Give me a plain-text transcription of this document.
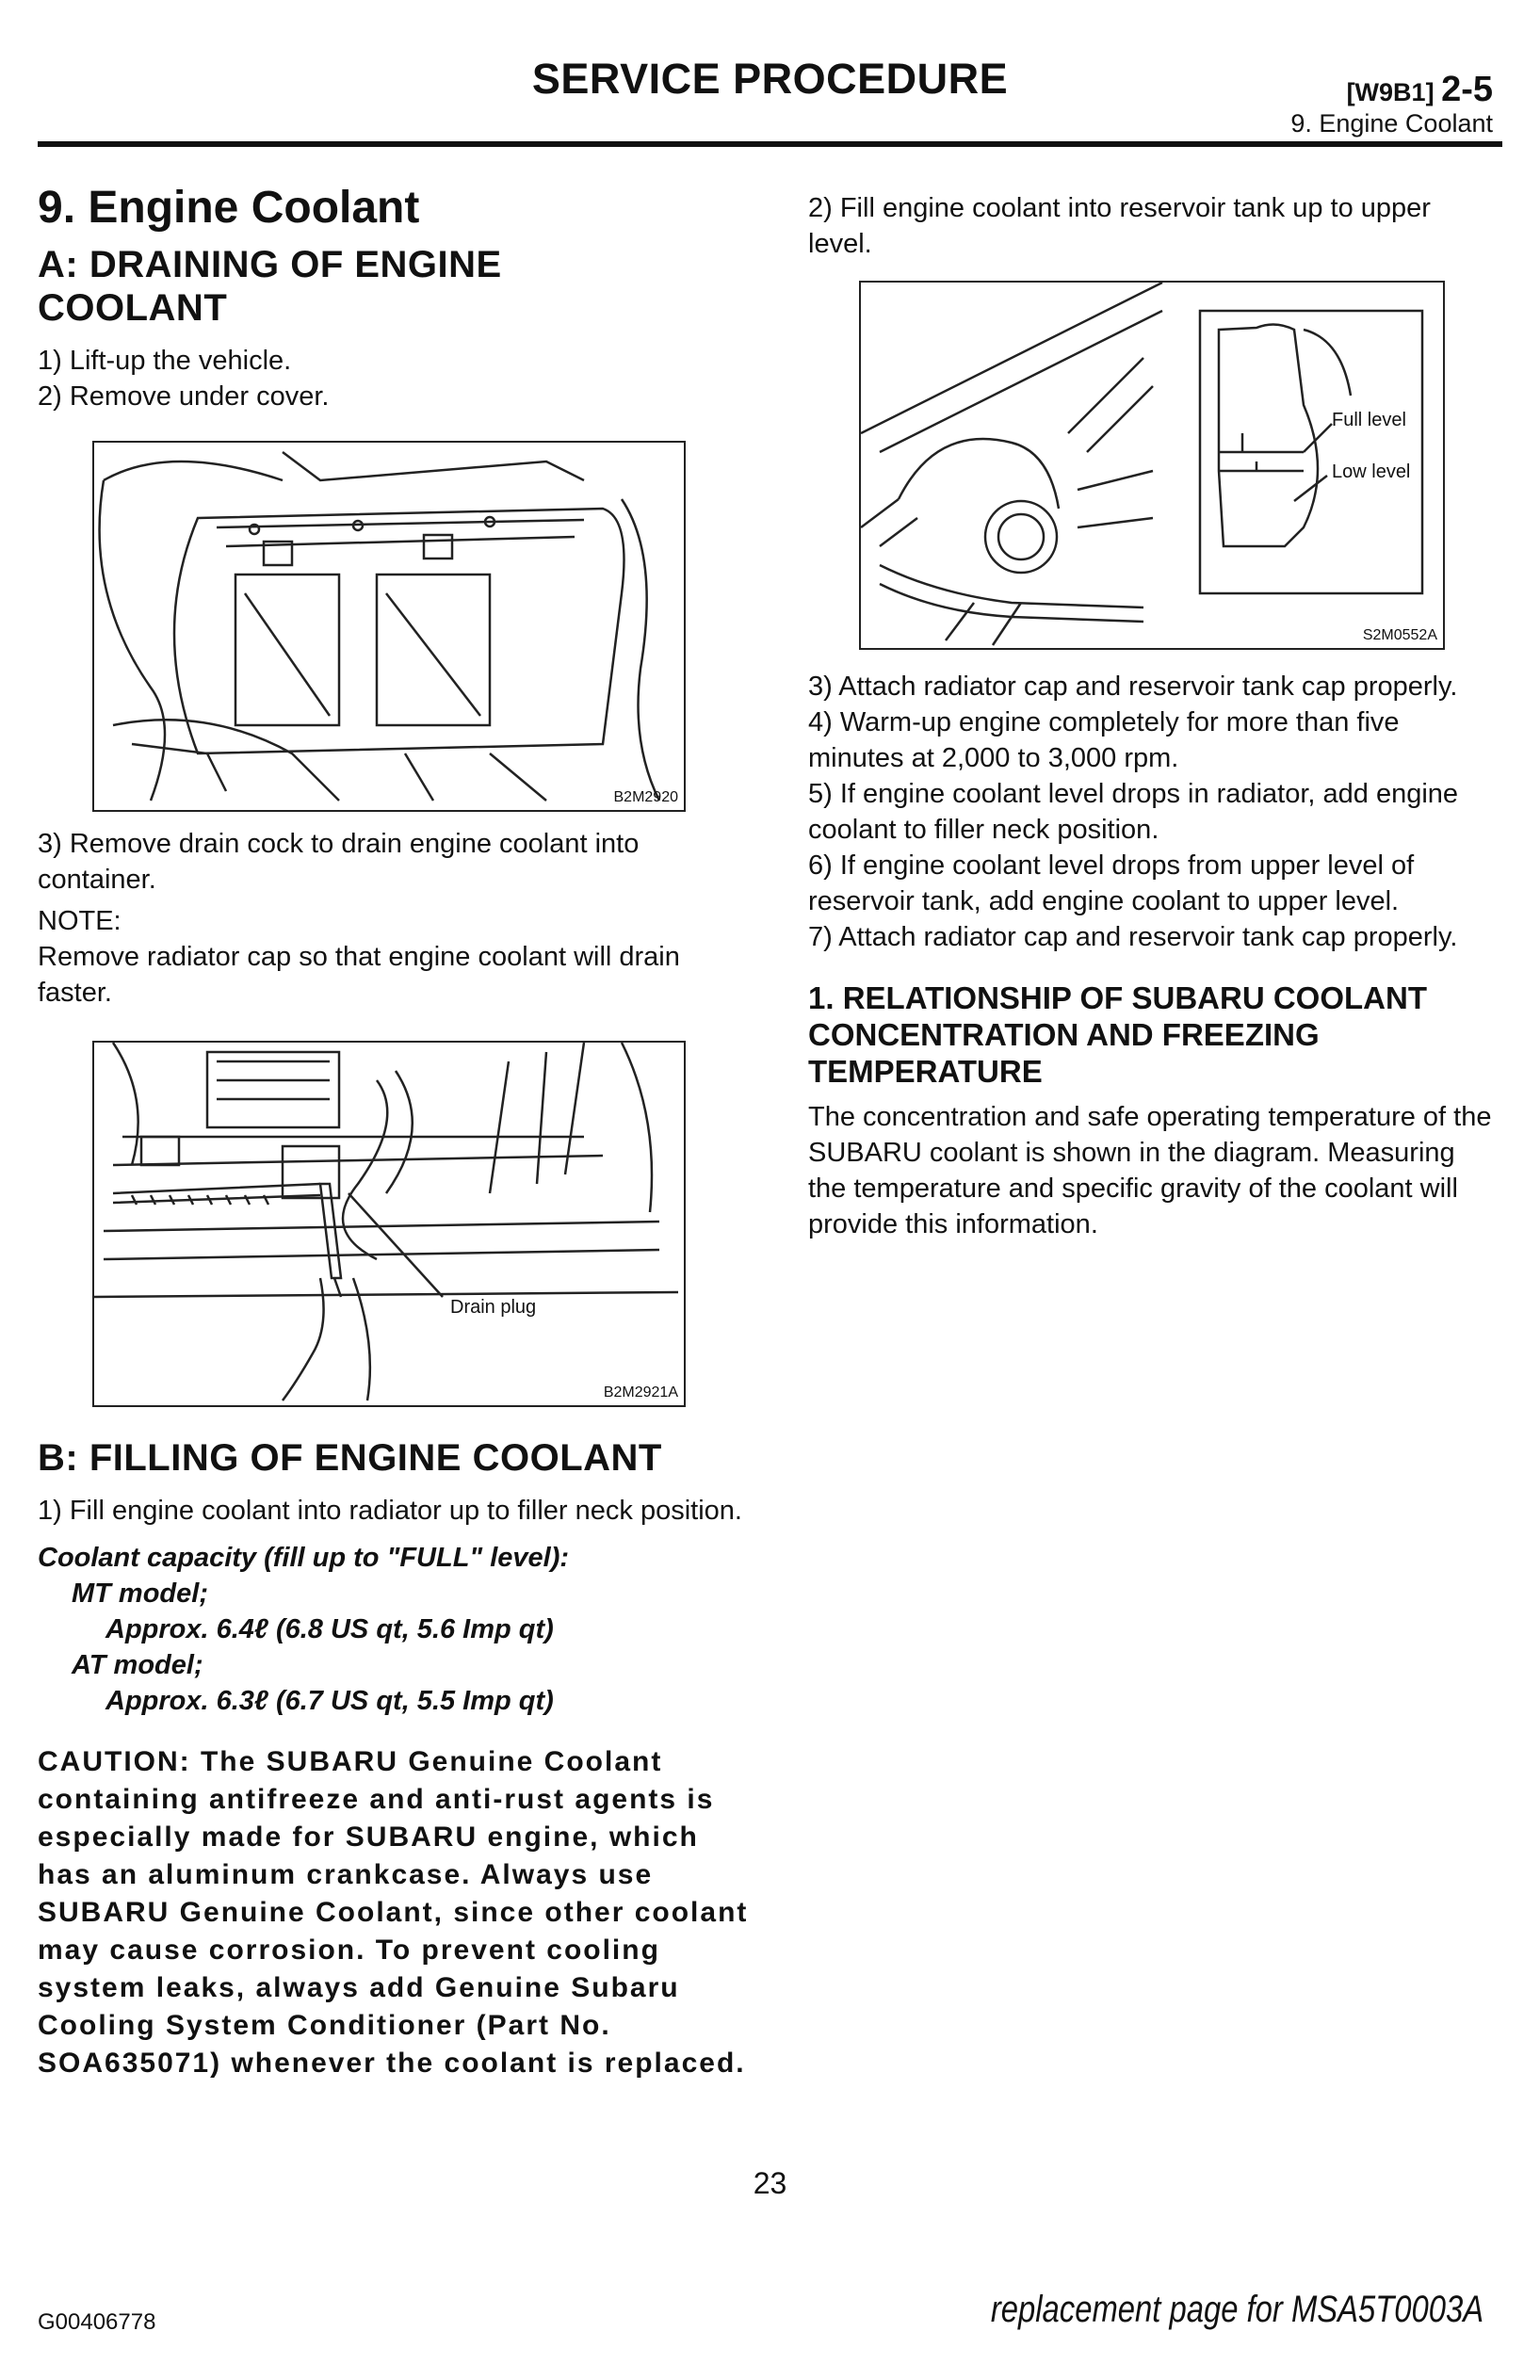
SERVICE PROCEDURE	[W9B1] 2-5
9. Engine Coolant

9. Engine Coolant

A: DRAINING OF ENGINE COOLANT

1) Lift-up the vehicle.

2) Remove under cover.

B2M2920

3) Remove drain cock to drain engine coolant into container.

NOTE:

Remove radiator cap so that engine coolant will drain faster.

Drain plug
B2M2921A

B: FILLING OF ENGINE COOLANT

1) Fill engine coolant into radiator up to filler neck position.

Coolant capacity (fill up to "FULL" level):

MT model;

Approx. 6.4ℓ (6.8 US qt, 5.6 Imp qt)

AT model;

Approx. 6.3ℓ (6.7 US qt, 5.5 Imp qt)

CAUTION: The SUBARU Genuine Coolant containing antifreeze and anti-rust agents is especially made for SUBARU engine, which has an aluminum crankcase. Always use SUBARU Genuine Coolant, since other coolant may cause corrosion. To prevent cooling system leaks, always add Genuine Subaru Cooling System Conditioner (Part No. SOA635071) whenever the coolant is replaced.

2) Fill engine coolant into reservoir tank up to upper level.

Full level
Low level
S2M0552A

3) Attach radiator cap and reservoir tank cap properly.

4) Warm-up engine completely for more than five minutes at 2,000 to 3,000 rpm.

5) If engine coolant level drops in radiator, add engine coolant to filler neck position.

6) If engine coolant level drops from upper level of reservoir tank, add engine coolant to upper level.

7) Attach radiator cap and reservoir tank cap properly.

1. RELATIONSHIP OF SUBARU COOLANT CONCENTRATION AND FREEZING TEMPERATURE

The concentration and safe operating temperature of the SUBARU coolant is shown in the diagram. Measuring the temperature and specific gravity of the coolant will provide this information.

23
G00406778	replacement page for MSA5T0003A
